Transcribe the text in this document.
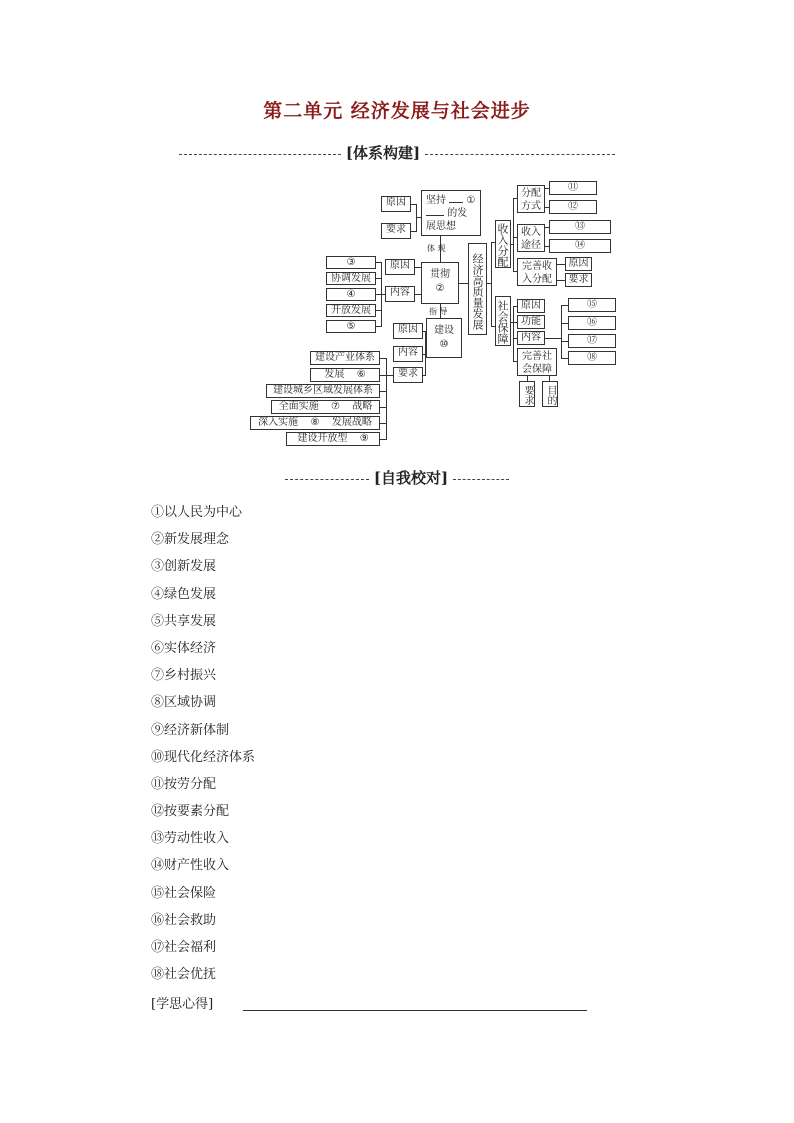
第二单元 经济发展与社会进步
[体系构建]
原因
要求
坚持 ①
的发
展思想
体 现
贯彻
②
原因
内容
③
协调发展
④
开放发展
⑤
指 导
建设
⑩
原因
内容
要求
建设产业体系
发展 ⑥
建设城乡区域发展体系
全面实施 ⑦ 战略
深入实施 ⑧ 发展战略
建设开放型 ⑨
经济高质量发展
收入分配
分配方式
⑪
⑫
收入途径
⑬
⑭
完善收入分配
原因
要求
社会保障	原因
功能
内容
完善社会保障
⑮
⑯
⑰
⑱
要求	目的
[自我校对]
①以人民为中心
②新发展理念
③创新发展
④绿色发展
⑤共享发展
⑥实体经济
⑦乡村振兴
⑧区域协调
⑨经济新体制
⑩现代化经济体系
⑪按劳分配
⑫按要素分配
⑬劳动性收入
⑭财产性收入
⑮社会保险
⑯社会救助
⑰社会福利
⑱社会优抚
[学思心得]
